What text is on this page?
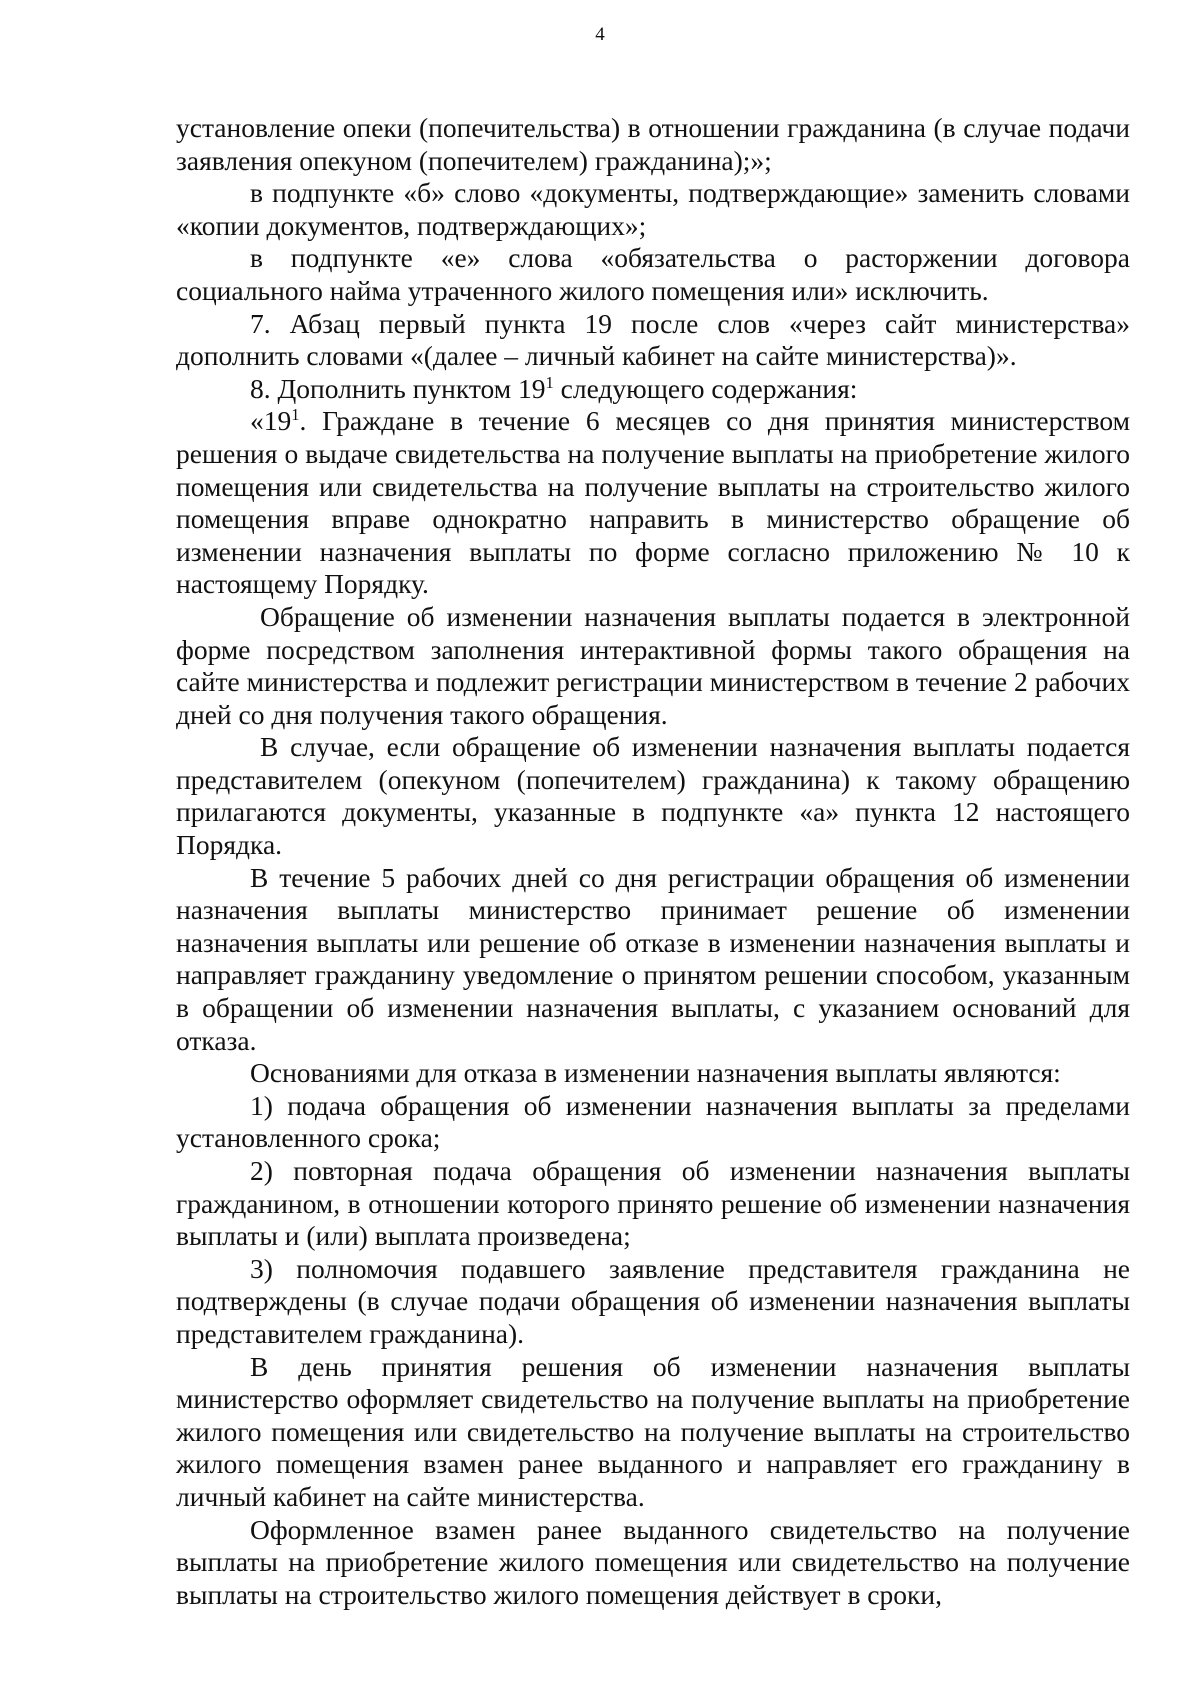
4

установление опеки (попечительства) в отношении гражданина (в случае подачи заявления опекуном (попечителем) гражданина);»;

в подпункте «б» слово «документы, подтверждающие» заменить словами «копии документов, подтверждающих»;

в подпункте «е» слова «обязательства о расторжении договора социального найма утраченного жилого помещения или» исключить.

7. Абзац первый пункта 19 после слов «через сайт министерства» дополнить словами «(далее – личный кабинет на сайте министерства)».

8. Дополнить пунктом $19^1$ следующего содержания:

«$19^1$. Граждане в течение 6 месяцев со дня принятия министерством решения о выдаче свидетельства на получение выплаты на приобретение жилого помещения или свидетельства на получение выплаты на строительство жилого помещения вправе однократно направить в министерство обращение об изменении назначения выплаты по форме согласно приложению № 10 к настоящему Порядку.

Обращение об изменении назначения выплаты подается в электронной форме посредством заполнения интерактивной формы такого обращения на сайте министерства и подлежит регистрации министерством в течение 2 рабочих дней со дня получения такого обращения.

В случае, если обращение об изменении назначения выплаты подается представителем (опекуном (попечителем) гражданина) к такому обращению прилагаются документы, указанные в подпункте «а» пункта 12 настоящего Порядка.

В течение 5 рабочих дней со дня регистрации обращения об изменении назначения выплаты министерство принимает решение об изменении назначения выплаты или решение об отказе в изменении назначения выплаты и направляет гражданину уведомление о принятом решении способом, указанным в обращении об изменении назначения выплаты, с указанием оснований для отказа.

Основаниями для отказа в изменении назначения выплаты являются:

1) подача обращения об изменении назначения выплаты за пределами установленного срока;

2) повторная подача обращения об изменении назначения выплаты гражданином, в отношении которого принято решение об изменении назначения выплаты и (или) выплата произведена;

3) полномочия подавшего заявление представителя гражданина не подтверждены (в случае подачи обращения об изменении назначения выплаты представителем гражданина).

В день принятия решения об изменении назначения выплаты министерство оформляет свидетельство на получение выплаты на приобретение жилого помещения или свидетельство на получение выплаты на строительство жилого помещения взамен ранее выданного и направляет его гражданину в личный кабинет на сайте министерства.

Оформленное взамен ранее выданного свидетельство на получение выплаты на приобретение жилого помещения или свидетельство на получение выплаты на строительство жилого помещения действует в сроки,
